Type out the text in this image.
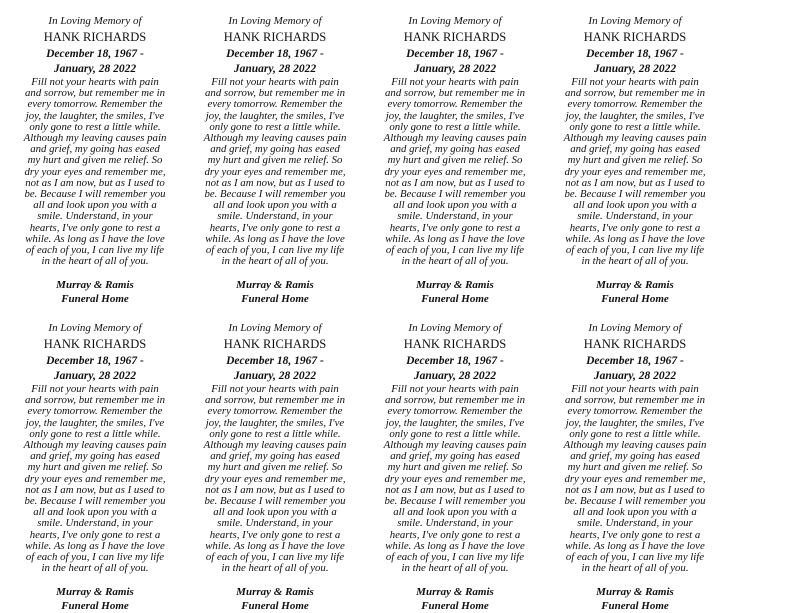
In Loving Memory of
HANK RICHARDS
December 18, 1967 -
January, 28 2022
Fill not your hearts with pain
and sorrow, but remember me in
every tomorrow. Remember the
joy, the laughter, the smiles, I've
only gone to rest a little while.
Although my leaving causes pain
and grief, my going has eased
my hurt and given me relief. So
dry your eyes and remember me,
not as I am now, but as I used to
be. Because I will remember you
all and look upon you with a
smile. Understand, in your
hearts, I've only gone to rest a
while. As long as I have the love
of each of you, I can live my life
in the heart of all of you.
Murray & Ramis
Funeral Home
In Loving Memory of
HANK RICHARDS
December 18, 1967 -
January, 28 2022
Fill not your hearts with pain
and sorrow, but remember me in
every tomorrow. Remember the
joy, the laughter, the smiles, I've
only gone to rest a little while.
Although my leaving causes pain
and grief, my going has eased
my hurt and given me relief. So
dry your eyes and remember me,
not as I am now, but as I used to
be. Because I will remember you
all and look upon you with a
smile. Understand, in your
hearts, I've only gone to rest a
while. As long as I have the love
of each of you, I can live my life
in the heart of all of you.
Murray & Ramis
Funeral Home
In Loving Memory of
HANK RICHARDS
December 18, 1967 -
January, 28 2022
Fill not your hearts with pain
and sorrow, but remember me in
every tomorrow. Remember the
joy, the laughter, the smiles, I've
only gone to rest a little while.
Although my leaving causes pain
and grief, my going has eased
my hurt and given me relief. So
dry your eyes and remember me,
not as I am now, but as I used to
be. Because I will remember you
all and look upon you with a
smile. Understand, in your
hearts, I've only gone to rest a
while. As long as I have the love
of each of you, I can live my life
in the heart of all of you.
Murray & Ramis
Funeral Home
In Loving Memory of
HANK RICHARDS
December 18, 1967 -
January, 28 2022
Fill not your hearts with pain
and sorrow, but remember me in
every tomorrow. Remember the
joy, the laughter, the smiles, I've
only gone to rest a little while.
Although my leaving causes pain
and grief, my going has eased
my hurt and given me relief. So
dry your eyes and remember me,
not as I am now, but as I used to
be. Because I will remember you
all and look upon you with a
smile. Understand, in your
hearts, I've only gone to rest a
while. As long as I have the love
of each of you, I can live my life
in the heart of all of you.
Murray & Ramis
Funeral Home
In Loving Memory of
HANK RICHARDS
December 18, 1967 -
January, 28 2022
Fill not your hearts with pain
and sorrow, but remember me in
every tomorrow. Remember the
joy, the laughter, the smiles, I've
only gone to rest a little while.
Although my leaving causes pain
and grief, my going has eased
my hurt and given me relief. So
dry your eyes and remember me,
not as I am now, but as I used to
be. Because I will remember you
all and look upon you with a
smile. Understand, in your
hearts, I've only gone to rest a
while. As long as I have the love
of each of you, I can live my life
in the heart of all of you.
Murray & Ramis
Funeral Home
In Loving Memory of
HANK RICHARDS
December 18, 1967 -
January, 28 2022
Fill not your hearts with pain
and sorrow, but remember me in
every tomorrow. Remember the
joy, the laughter, the smiles, I've
only gone to rest a little while.
Although my leaving causes pain
and grief, my going has eased
my hurt and given me relief. So
dry your eyes and remember me,
not as I am now, but as I used to
be. Because I will remember you
all and look upon you with a
smile. Understand, in your
hearts, I've only gone to rest a
while. As long as I have the love
of each of you, I can live my life
in the heart of all of you.
Murray & Ramis
Funeral Home
In Loving Memory of
HANK RICHARDS
December 18, 1967 -
January, 28 2022
Fill not your hearts with pain
and sorrow, but remember me in
every tomorrow. Remember the
joy, the laughter, the smiles, I've
only gone to rest a little while.
Although my leaving causes pain
and grief, my going has eased
my hurt and given me relief. So
dry your eyes and remember me,
not as I am now, but as I used to
be. Because I will remember you
all and look upon you with a
smile. Understand, in your
hearts, I've only gone to rest a
while. As long as I have the love
of each of you, I can live my life
in the heart of all of you.
Murray & Ramis
Funeral Home
In Loving Memory of
HANK RICHARDS
December 18, 1967 -
January, 28 2022
Fill not your hearts with pain
and sorrow, but remember me in
every tomorrow. Remember the
joy, the laughter, the smiles, I've
only gone to rest a little while.
Although my leaving causes pain
and grief, my going has eased
my hurt and given me relief. So
dry your eyes and remember me,
not as I am now, but as I used to
be. Because I will remember you
all and look upon you with a
smile. Understand, in your
hearts, I've only gone to rest a
while. As long as I have the love
of each of you, I can live my life
in the heart of all of you.
Murray & Ramis
Funeral Home
